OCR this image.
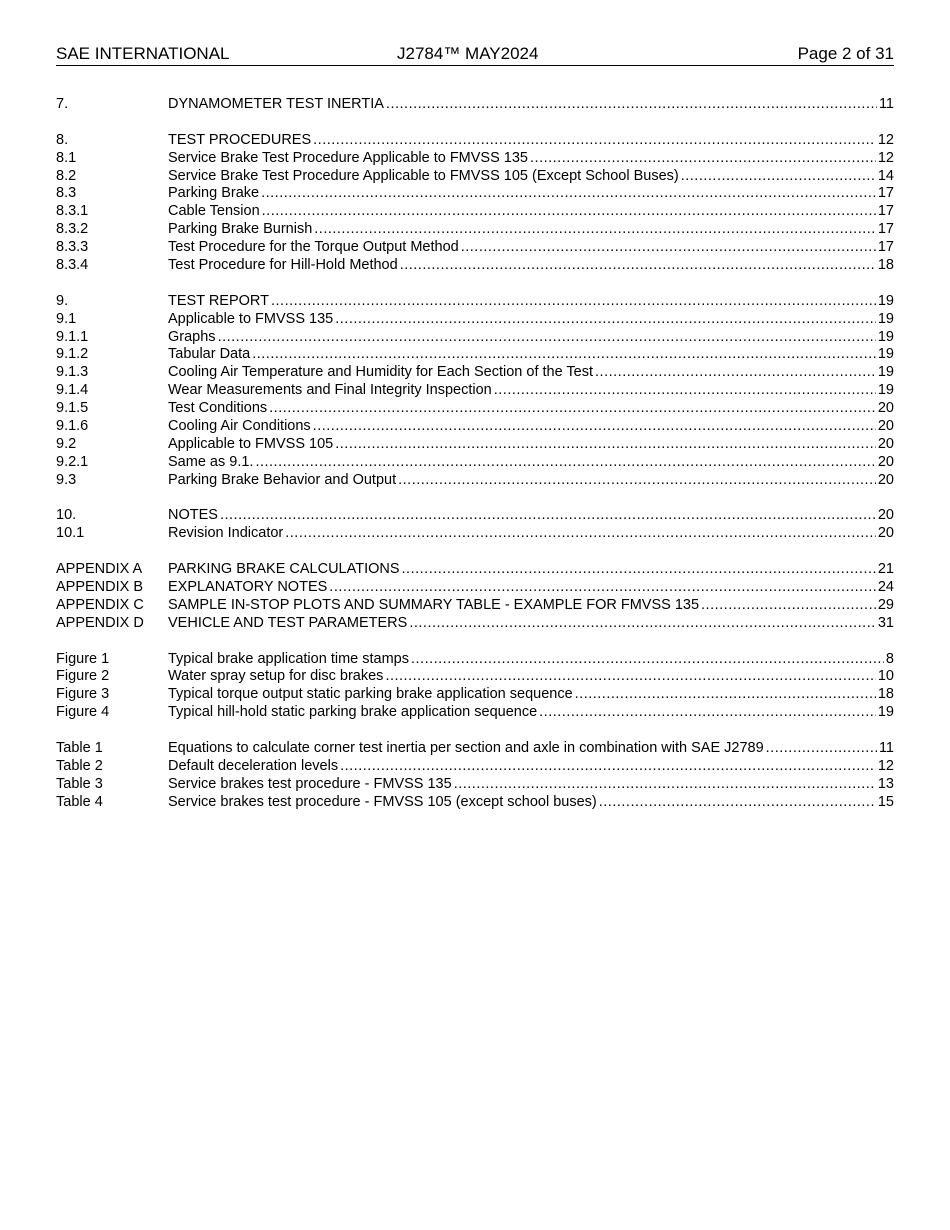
SAE INTERNATIONAL	J2784™ MAY2024	Page 2 of 31
7.	DYNAMOMETER TEST INERTIA .....	11
8.	TEST PROCEDURES .....	12
8.1	Service Brake Test Procedure Applicable to FMVSS 135 .....	12
8.2	Service Brake Test Procedure Applicable to FMVSS 105 (Except School Buses) .....	14
8.3	Parking Brake .....	17
8.3.1	Cable Tension .....	17
8.3.2	Parking Brake Burnish .....	17
8.3.3	Test Procedure for the Torque Output Method .....	17
8.3.4	Test Procedure for Hill-Hold Method .....	18
9.	TEST REPORT .....	19
9.1	Applicable to FMVSS 135 .....	19
9.1.1	Graphs .....	19
9.1.2	Tabular Data .....	19
9.1.3	Cooling Air Temperature and Humidity for Each Section of the Test .....	19
9.1.4	Wear Measurements and Final Integrity Inspection .....	19
9.1.5	Test Conditions .....	20
9.1.6	Cooling Air Conditions .....	20
9.2	Applicable to FMVSS 105 .....	20
9.2.1	Same as 9.1. .....	20
9.3	Parking Brake Behavior and Output .....	20
10.	NOTES .....	20
10.1	Revision Indicator .....	20
APPENDIX A	PARKING BRAKE CALCULATIONS .....	21
APPENDIX B	EXPLANATORY NOTES .....	24
APPENDIX C	SAMPLE IN-STOP PLOTS AND SUMMARY TABLE - EXAMPLE FOR FMVSS 135 .....	29
APPENDIX D	VEHICLE AND TEST PARAMETERS .....	31
Figure 1	Typical brake application time stamps .....	8
Figure 2	Water spray setup for disc brakes .....	10
Figure 3	Typical torque output static parking brake application sequence .....	18
Figure 4	Typical hill-hold static parking brake application sequence .....	19
Table 1	Equations to calculate corner test inertia per section and axle in combination with SAE J2789 .....	11
Table 2	Default deceleration levels .....	12
Table 3	Service brakes test procedure - FMVSS 135 .....	13
Table 4	Service brakes test procedure - FMVSS 105 (except school buses) .....	15
